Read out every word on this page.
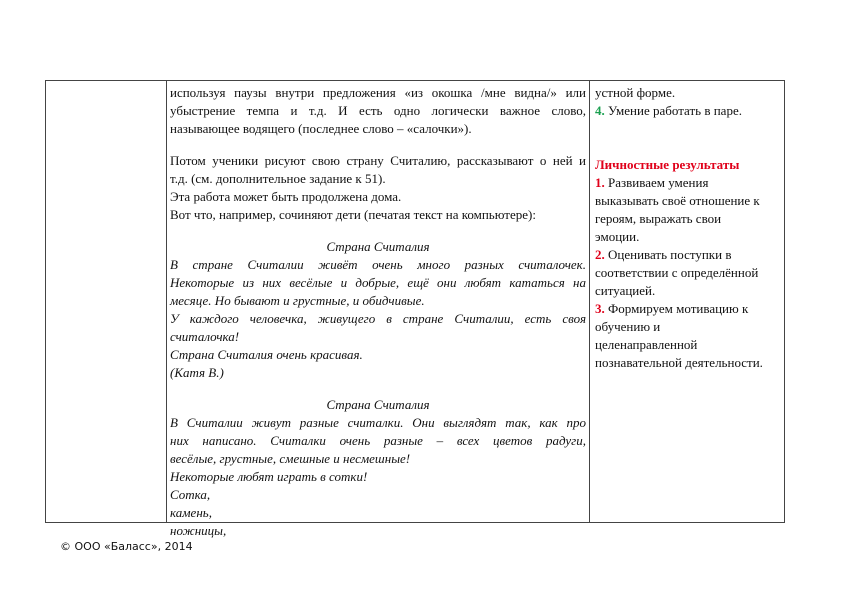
используя паузы внутри предложения «из окошка /мне видна/» или
убыстрение темпа и т.д. И есть одно логически важное слово,
называющее водящего (последнее слово – «салочки»).
Потом ученики рисуют свою страну Считалию, рассказывают о ней и
т.д. (см. дополнительное задание к 51).
Эта работа может быть продолжена дома.
Вот что, например, сочиняют дети (печатая текст на компьютере):
Страна Считалия
В стране Считалии живёт очень много разных считалочек.
Некоторые из них весёлые и добрые, ещё они любят кататься на
месяце. Но бывают и грустные, и обидчивые.
У каждого человечка, живущего в стране Считалии, есть своя
считалочка!
Страна Считалия очень красивая.
(Катя В.)
Страна Считалия
В Считалии живут разные считалки. Они выглядят так, как про
них написано. Считалки очень разные – всех цветов радуги,
весёлые, грустные, смешные и несмешные!
Некоторые любят играть в сотки!
Сотка,
камень,
ножницы,
устной форме.
4. Умение работать в паре.
Личностные результаты
1. Развиваем умения
выказывать своё отношение к
героям, выражать свои
эмоции.
2. Оценивать поступки в
соответствии с определённой
ситуацией.
3. Формируем мотивацию к
обучению и
целенаправленной
познавательной деятельности.
© ООО «Баласс», 2014
